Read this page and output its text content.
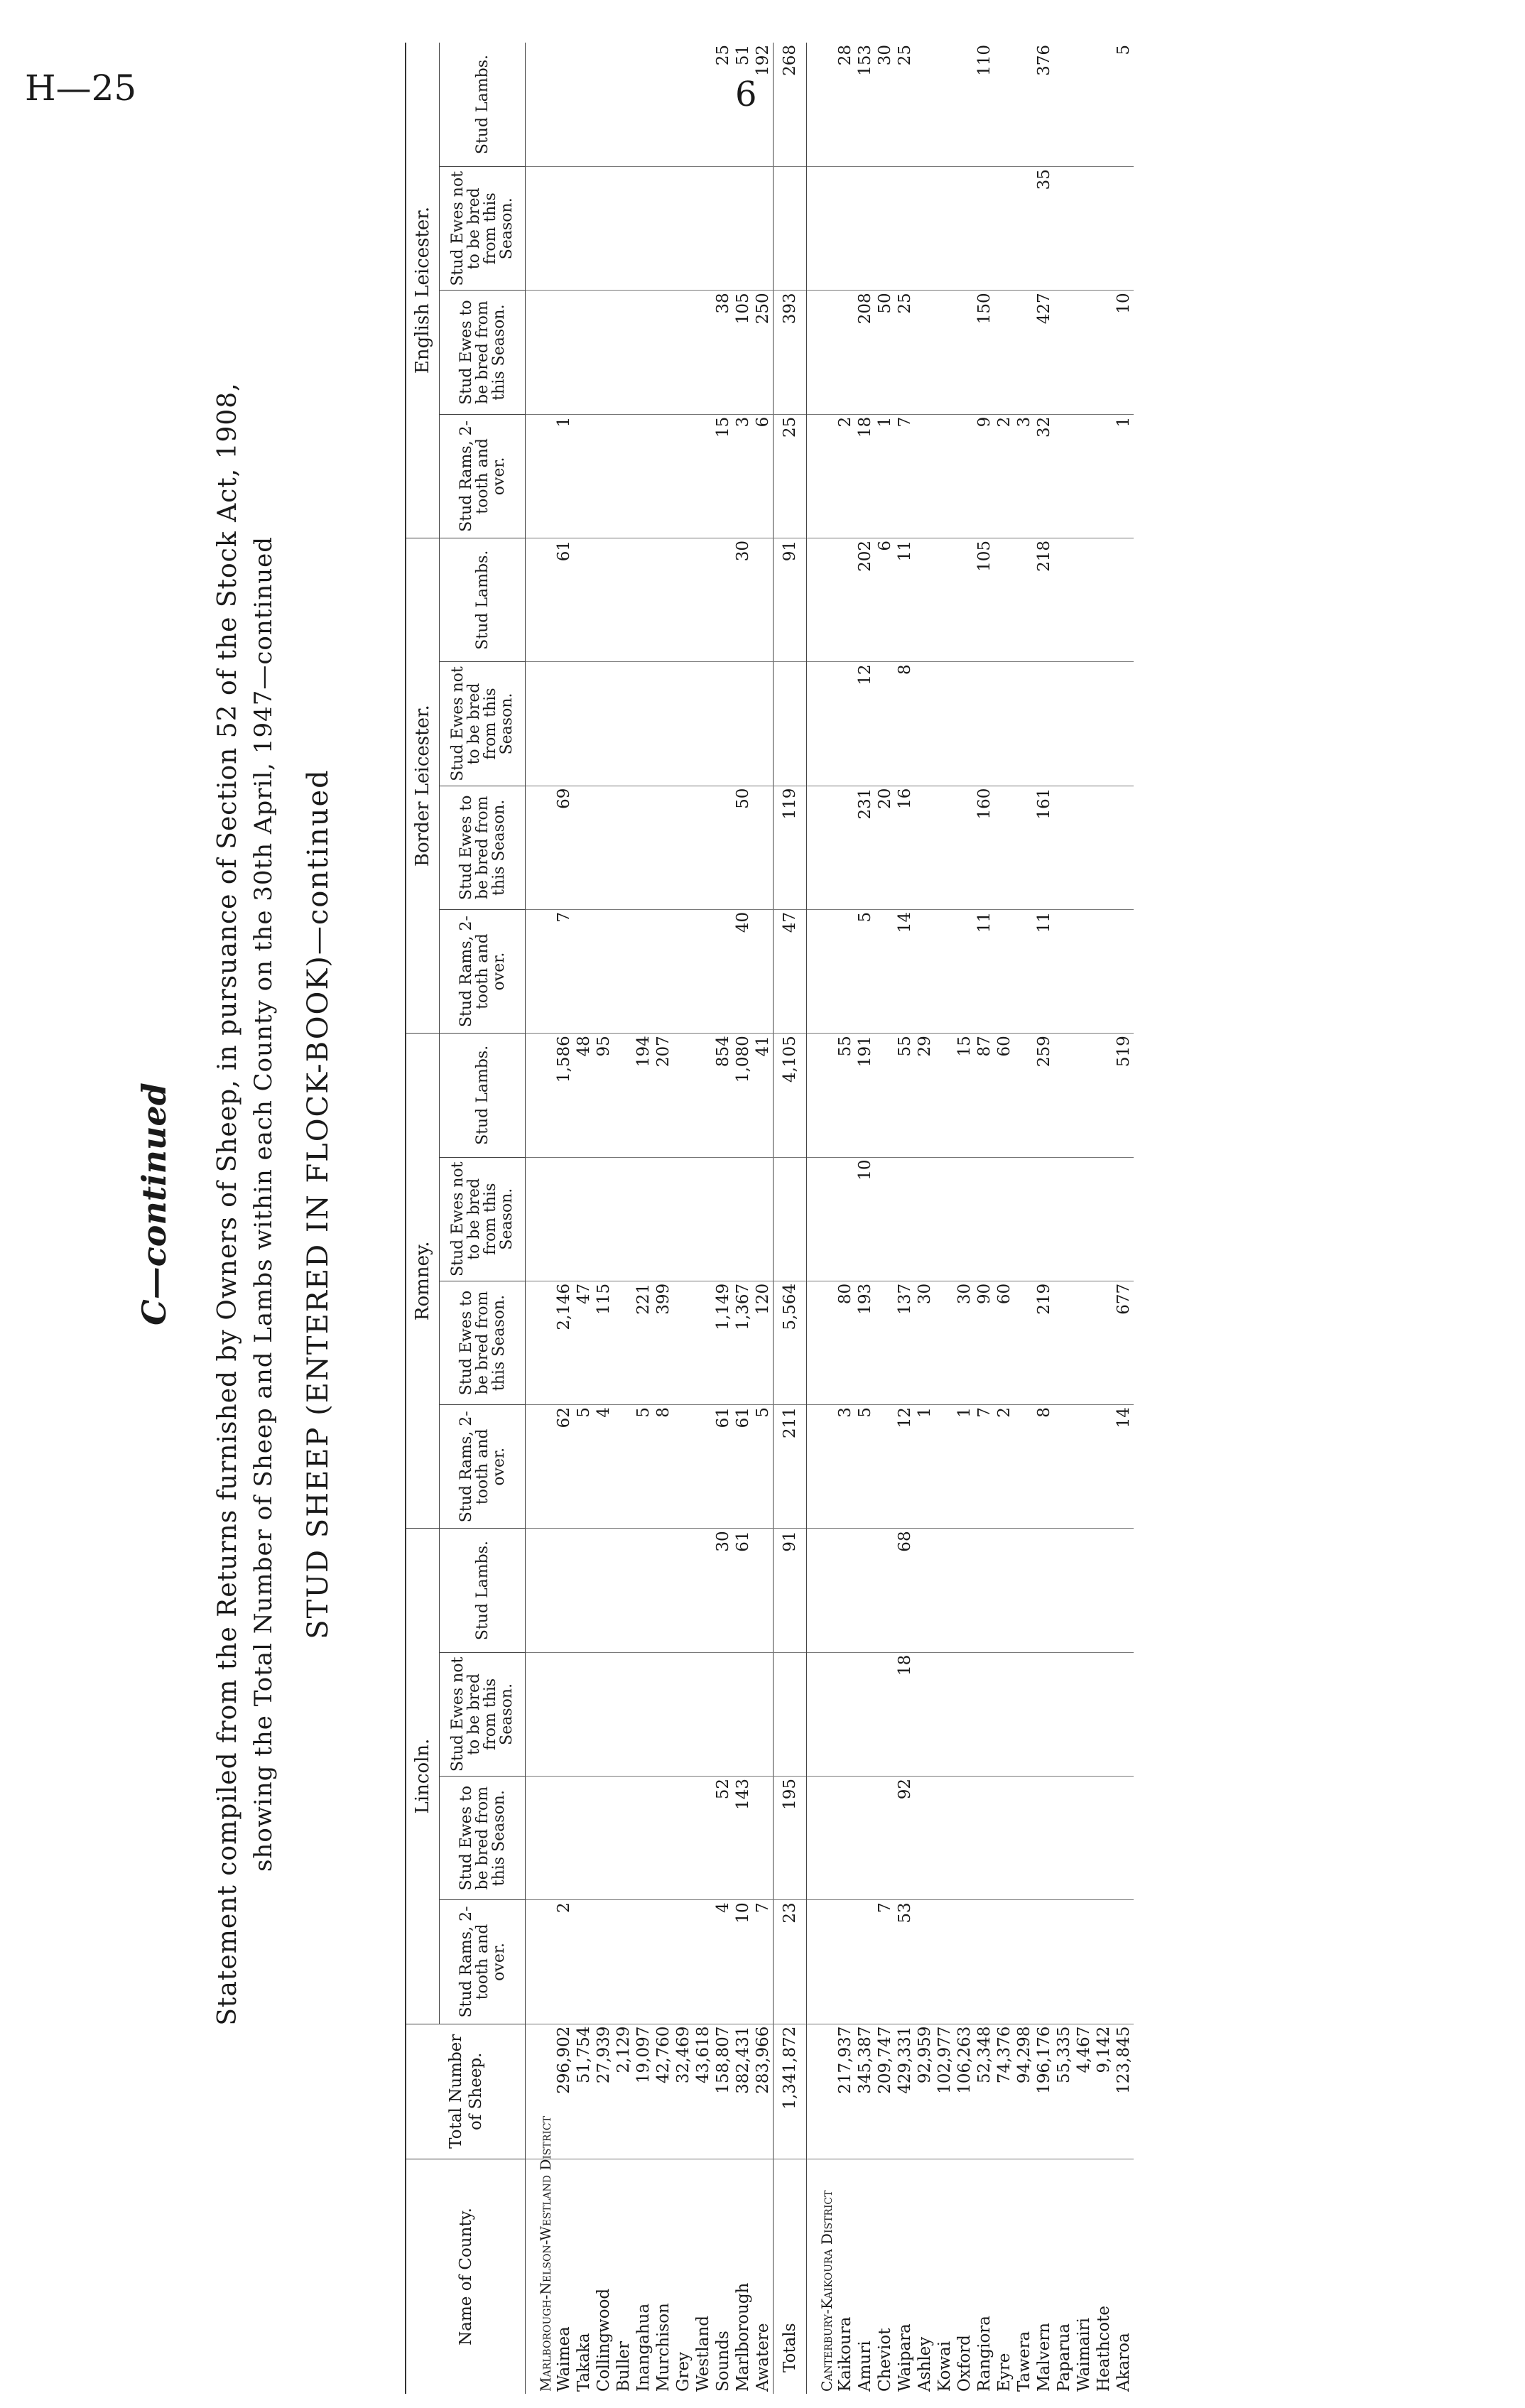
H—25	6
C—continued Statement compiled from the Returns furnished by Owners of Sheep, in pursuance of Section 52 of the Stock Act, 1908, showing the Total Number of Sheep and Lambs within each County on the 30th April, 1947—continued STUD SHEEP (ENTERED IN FLOCK-BOOK)—continued
Name of County.	Total Number of Sheep.	Lincoln.				Romney.				Border Leicester.				English Leicester.			
		Stud Rams, 2-tooth and over.	Stud Ewes to be bred from this Season.	Stud Ewes not to be bred from this Season.	Stud Lambs.	Stud Rams, 2-tooth and over.	Stud Ewes to be bred from this Season.	Stud Ewes not to be bred from this Season.	Stud Lambs.	Stud Rams, 2-tooth and over.	Stud Ewes to be bred from this Season.	Stud Ewes not to be bred from this Season.	Stud Lambs.	Stud Rams, 2-tooth and over.	Stud Ewes to be bred from this Season.	Stud Ewes not to be bred from this Season.	Stud Lambs.
Marlborough-Nelson-Westland District																	
Waimea	296,902	2				62	2,146		1,586	7	69		61	1			
Takaka	51,754					5	47		48								
Collingwood	27,939					4	115		95								
Buller	2,129																
Inangahua	19,097					5	221		194								
Murchison	42,760					8	399		207								
Grey	32,469																
Westland	43,618																
Sounds	158,807	4	52		30	61	1,149		854					15	38		25
Marlborough	382,431	10	143		61	61	1,367		1,080	40	50		30	3	105		51
Awatere	283,966	7				5	120		41					6	250		192
Totals	1,341,872	23	195		91	211	5,564		4,105	47	119		91	25	393		268
Canterbury-Kaikoura District																	
Kaikoura	217,937					3	80		55					2			28
Amuri	345,387					5	193	10	191	5	231	12	202	18	208		153
Cheviot	209,747	7									20		6	1	50		30
Waipara	429,331	53	92	18	68	12	137		55	14	16	8	11	7	25		25
Ashley	92,959					1	30		29								
Kowai	102,977																
Oxford	106,263					1	30		15								
Rangiora	52,348					7	90		87	11	160		105	9	150		110
Eyre	74,376					2	60		60					2			
Tawera	94,298													3			
Malvern	196,176					8	219		259	11	161		218	32	427	35	376
Paparua	55,335																
Waimairi	4,467																
Heathcote	9,142																
Akaroa	123,845					14	677		519					1	10		5
